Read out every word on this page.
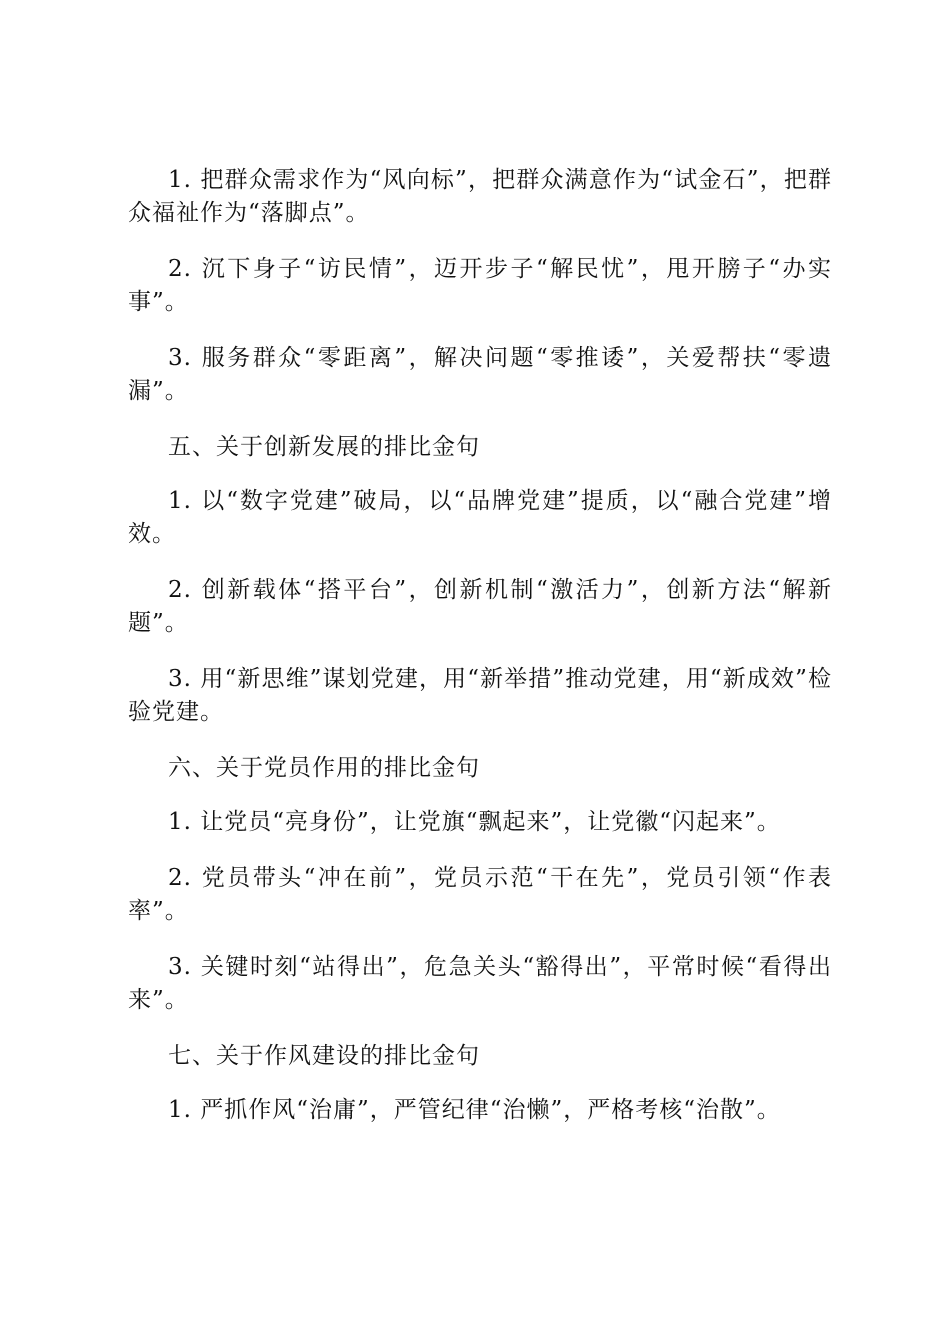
1. 把群众需求作为“风向标”，把群众满意作为“试金石”，把群众福祉作为“落脚点”。

2. 沉下身子“访民情”，迈开步子“解民忧”，甩开膀子“办实事”。

3. 服务群众“零距离”，解决问题“零推诿”，关爱帮扶“零遗漏”。

五、关于创新发展的排比金句

1. 以“数字党建”破局，以“品牌党建”提质，以“融合党建”增效。

2. 创新载体“搭平台”，创新机制“激活力”，创新方法“解新题”。

3. 用“新思维”谋划党建，用“新举措”推动党建，用“新成效”检验党建。

六、关于党员作用的排比金句

1. 让党员“亮身份”，让党旗“飘起来”，让党徽“闪起来”。

2. 党员带头“冲在前”，党员示范“干在先”，党员引领“作表率”。

3. 关键时刻“站得出”，危急关头“豁得出”，平常时候“看得出来”。

七、关于作风建设的排比金句

1. 严抓作风“治庸”，严管纪律“治懒”，严格考核“治散”。
